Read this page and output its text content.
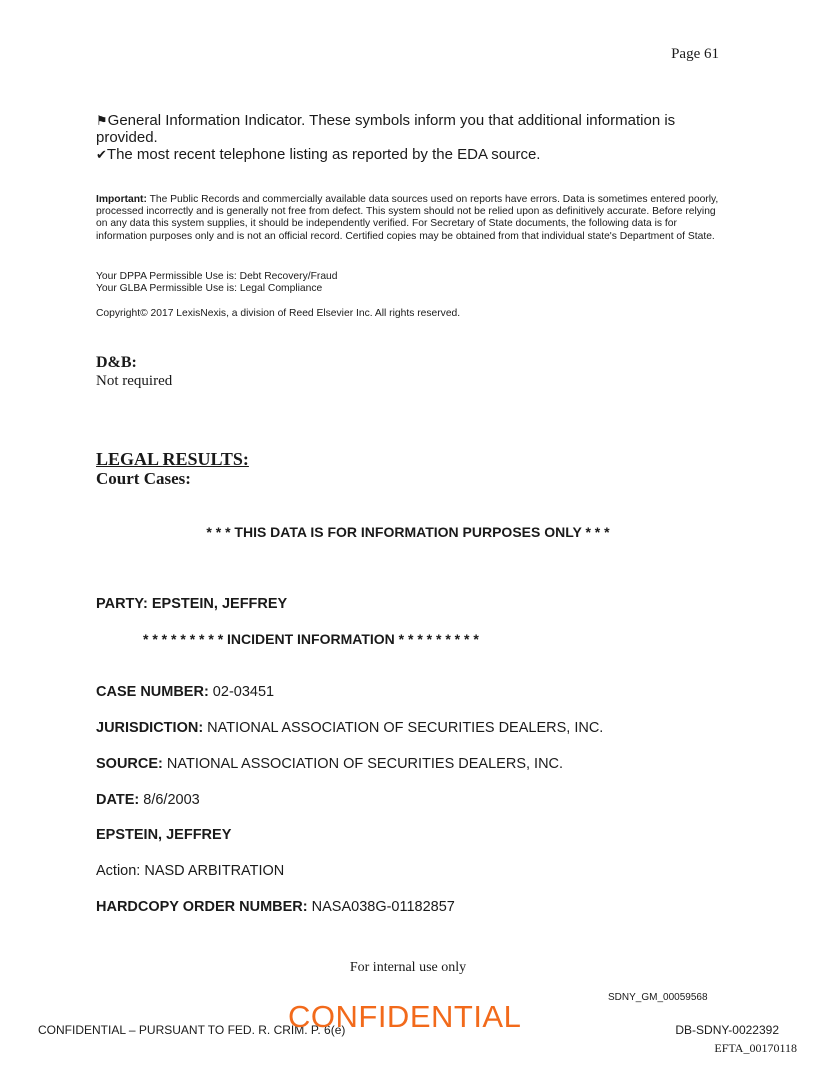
Page 61

⚑General Information Indicator. These symbols inform you that additional information is provided.

✔The most recent telephone listing as reported by the EDA source.

Important: The Public Records and commercially available data sources used on reports have errors. Data is sometimes entered poorly, processed incorrectly and is generally not free from defect. This system should not be relied upon as definitively accurate. Before relying on any data this system supplies, it should be independently verified. For Secretary of State documents, the following data is for information purposes only and is not an official record. Certified copies may be obtained from that individual state's Department of State.
Your DPPA Permissible Use is: Debt Recovery/Fraud
Your GLBA Permissible Use is: Legal Compliance
Copyright© 2017 LexisNexis, a division of Reed Elsevier Inc. All rights reserved.
D&B:
Not required
LEGAL RESULTS:
Court Cases:
* * * THIS DATA IS FOR INFORMATION PURPOSES ONLY * * *
PARTY: EPSTEIN, JEFFREY
* * * * * * * * * INCIDENT INFORMATION * * * * * * * * *
CASE NUMBER: 02-03451
JURISDICTION: NATIONAL ASSOCIATION OF SECURITIES DEALERS, INC.
SOURCE: NATIONAL ASSOCIATION OF SECURITIES DEALERS, INC.
DATE: 8/6/2003
EPSTEIN, JEFFREY
Action: NASD ARBITRATION
HARDCOPY ORDER NUMBER: NASA038G-01182857
For internal use only
SDNY_GM_00059568
CONFIDENTIAL – PURSUANT TO FED. R. CRIM. P. 6(e)
CONFIDENTIAL	DB-SDNY-0022392
EFTA_00170118
